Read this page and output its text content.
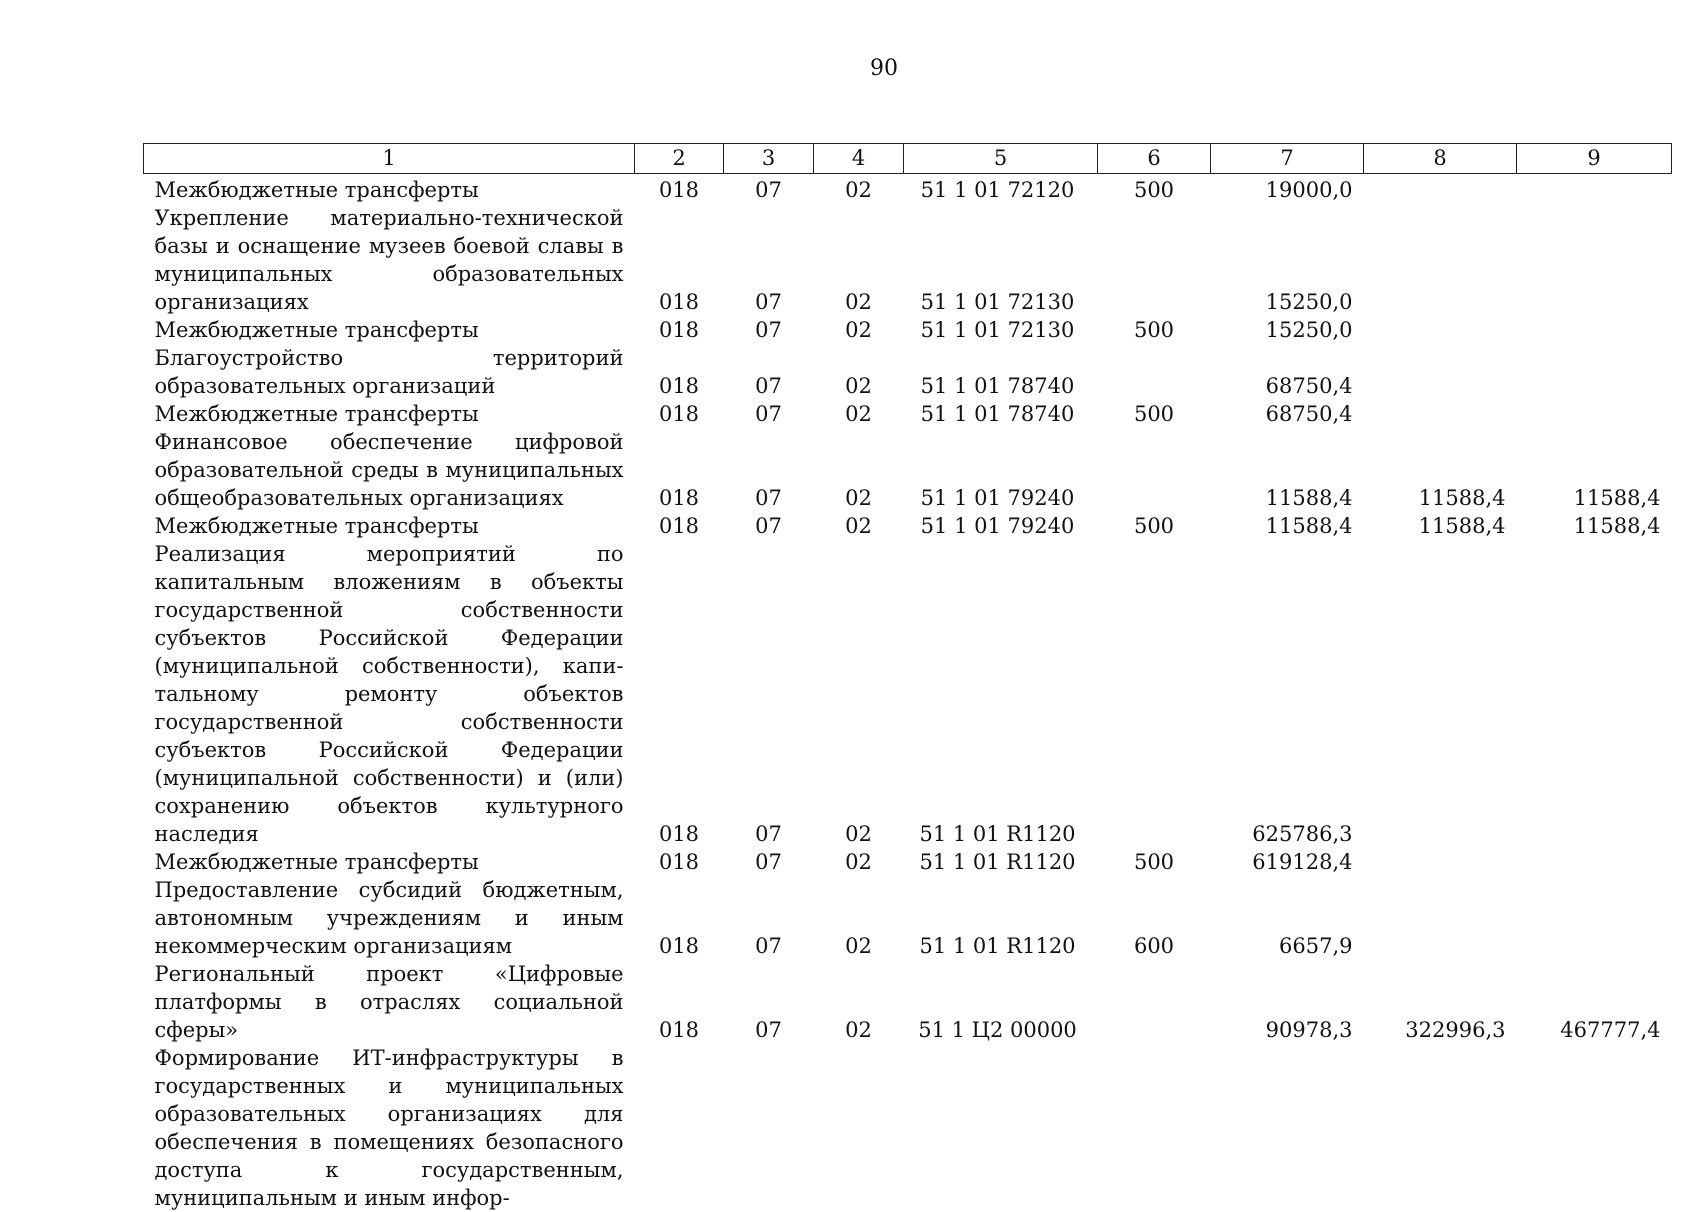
90
1	2	3	4	5	6	7	8	9
Межбюджетные трансферты	018	07	02	51 1 01 72120	500	19000,0		
Укрепление материально-технической базы и оснащение музеев боевой славы в муниципальных образовательных организациях	018	07	02	51 1 01 72130		15250,0		
Межбюджетные трансферты	018	07	02	51 1 01 72130	500	15250,0		
Благоустройство территорий образовательных организаций	018	07	02	51 1 01 78740		68750,4		
Межбюджетные трансферты	018	07	02	51 1 01 78740	500	68750,4		
Финансовое обеспечение цифровой образовательной среды в муниципальных общеобразовательных организациях	018	07	02	51 1 01 79240		11588,4	11588,4	11588,4
Межбюджетные трансферты	018	07	02	51 1 01 79240	500	11588,4	11588,4	11588,4
Реализация мероприятий по капитальным вложениям в объекты государственной собственности субъектов Российской Федерации (муниципальной собственности), капитальному ремонту объектов государственной собственности субъектов Российской Федерации (муниципальной собственности) и (или) сохранению объектов культурного наследия	018	07	02	51 1 01 R1120		625786,3		
Межбюджетные трансферты	018	07	02	51 1 01 R1120	500	619128,4		
Предоставление субсидий бюджетным, автономным учреждениям и иным некоммерческим организациям	018	07	02	51 1 01 R1120	600	6657,9		
Региональный проект «Цифровые платформы в отраслях социальной сферы»	018	07	02	51 1 Ц2 00000		90978,3	322996,3	467777,4
Формирование ИТ-инфраструктуры в государственных и муниципальных образовательных организациях для обеспечения в помещениях безопасного доступа к государственным, муниципальным и иным инфор-								
